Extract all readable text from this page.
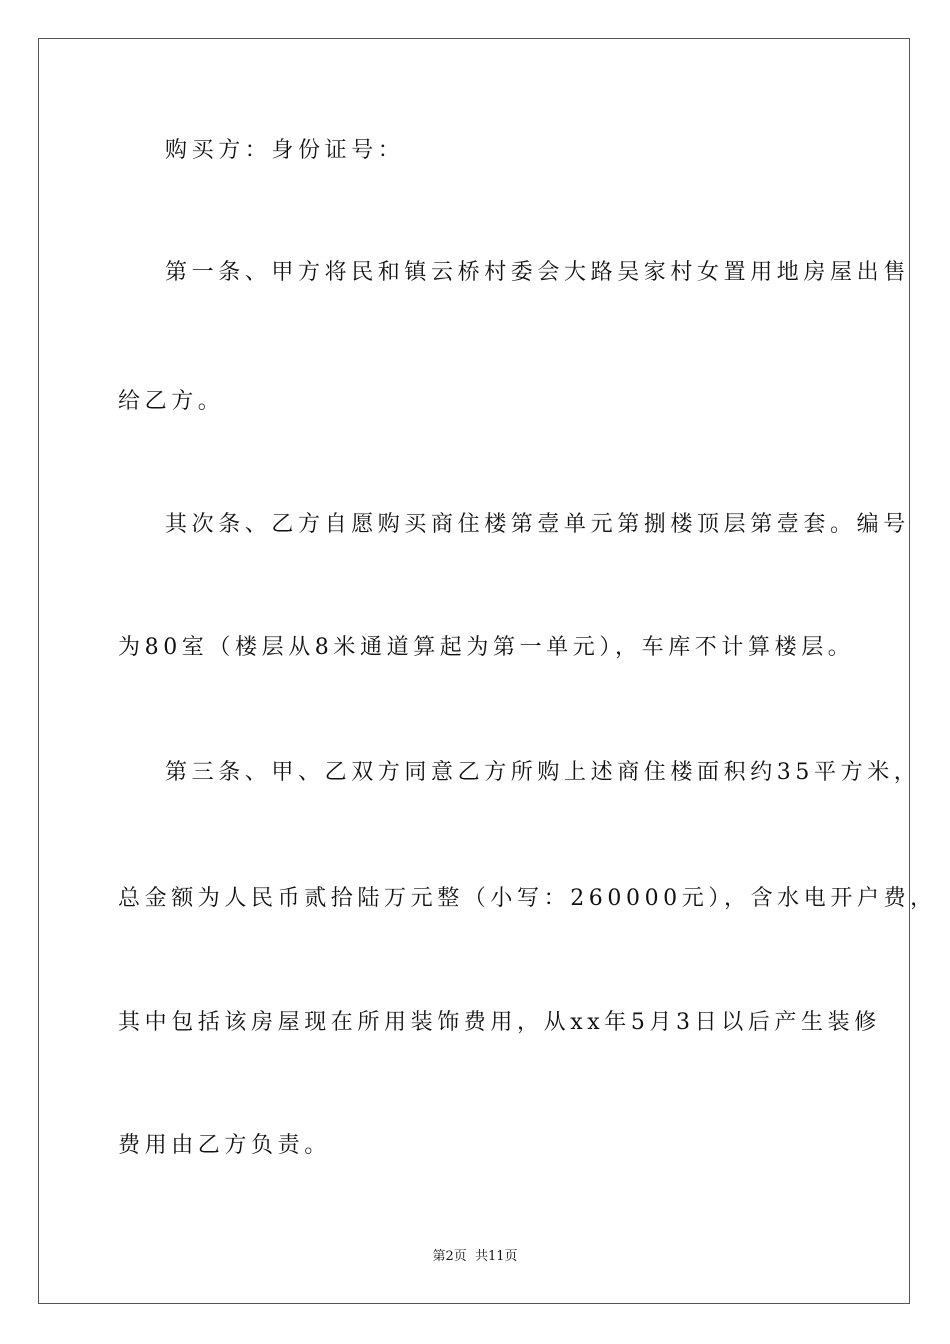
购买方：身份证号：
第一条、甲方将民和镇云桥村委会大路吴家村女置用地房屋出售
给乙方。
其次条、乙方自愿购买商住楼第壹单元第捌楼顶层第壹套。编号
为80室（楼层从8米通道算起为第一单元），车库不计算楼层。
第三条、甲、乙双方同意乙方所购上述商住楼面积约35平方米，
总金额为人民币贰拾陆万元整（小写：260000元），含水电开户费，
其中包括该房屋现在所用装饰费用，从xx年5月3日以后产生装修
费用由乙方负责。
第2页 共11页
